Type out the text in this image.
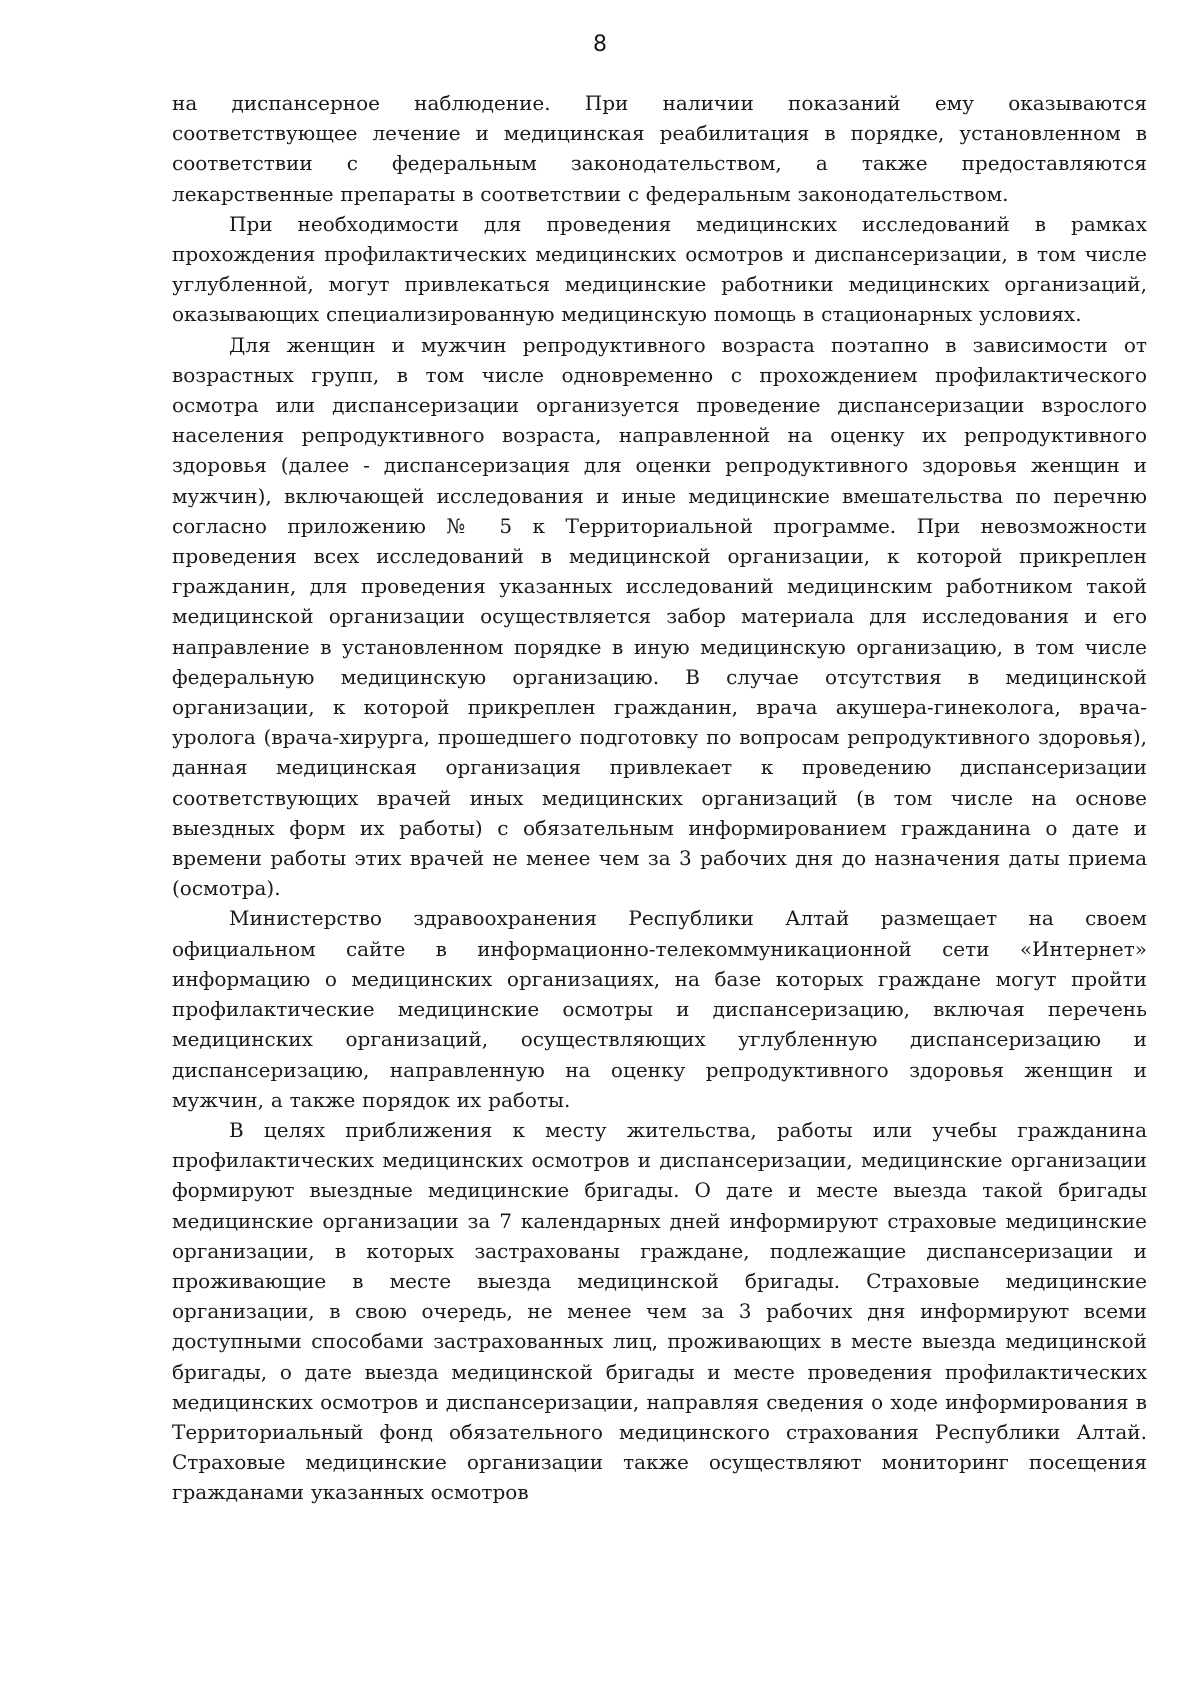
8

на диспансерное наблюдение. При наличии показаний ему оказываются соответствующее лечение и медицинская реабилитация в порядке, установленном в соответствии с федеральным законодательством, а также предоставляются лекарственные препараты в соответствии с федеральным законодательством.

При необходимости для проведения медицинских исследований в рамках прохождения профилактических медицинских осмотров и диспансеризации, в том числе углубленной, могут привлекаться медицинские работники медицинских организаций, оказывающих специализированную медицинскую помощь в стационарных условиях.

Для женщин и мужчин репродуктивного возраста поэтапно в зависимости от возрастных групп, в том числе одновременно с прохождением профилактического осмотра или диспансеризации организуется проведение диспансеризации взрослого населения репродуктивного возраста, направленной на оценку их репродуктивного здоровья (далее - диспансеризация для оценки репродуктивного здоровья женщин и мужчин), включающей исследования и иные медицинские вмешательства по перечню согласно приложению № 5 к Территориальной программе. При невозможности проведения всех исследований в медицинской организации, к которой прикреплен гражданин, для проведения указанных исследований медицинским работником такой медицинской организации осуществляется забор материала для исследования и его направление в установленном порядке в иную медицинскую организацию, в том числе федеральную медицинскую организацию. В случае отсутствия в медицинской организации, к которой прикреплен гражданин, врача акушера-гинеколога, врача-уролога (врача-хирурга, прошедшего подготовку по вопросам репродуктивного здоровья), данная медицинская организация привлекает к проведению диспансеризации соответствующих врачей иных медицинских организаций (в том числе на основе выездных форм их работы) с обязательным информированием гражданина о дате и времени работы этих врачей не менее чем за 3 рабочих дня до назначения даты приема (осмотра).

Министерство здравоохранения Республики Алтай размещает на своем официальном сайте в информационно-телекоммуникационной сети «Интернет» информацию о медицинских организациях, на базе которых граждане могут пройти профилактические медицинские осмотры и диспансеризацию, включая перечень медицинских организаций, осуществляющих углубленную диспансеризацию и диспансеризацию, направленную на оценку репродуктивного здоровья женщин и мужчин, а также порядок их работы.

В целях приближения к месту жительства, работы или учебы гражданина профилактических медицинских осмотров и диспансеризации, медицинские организации формируют выездные медицинские бригады. О дате и месте выезда такой бригады медицинские организации за 7 календарных дней информируют страховые медицинские организации, в которых застрахованы граждане, подлежащие диспансеризации и проживающие в месте выезда медицинской бригады. Страховые медицинские организации, в свою очередь, не менее чем за 3 рабочих дня информируют всеми доступными способами застрахованных лиц, проживающих в месте выезда медицинской бригады, о дате выезда медицинской бригады и месте проведения профилактических медицинских осмотров и диспансеризации, направляя сведения о ходе информирования в Территориальный фонд обязательного медицинского страхования Республики Алтай. Страховые медицинские организации также осуществляют мониторинг посещения гражданами указанных осмотров
